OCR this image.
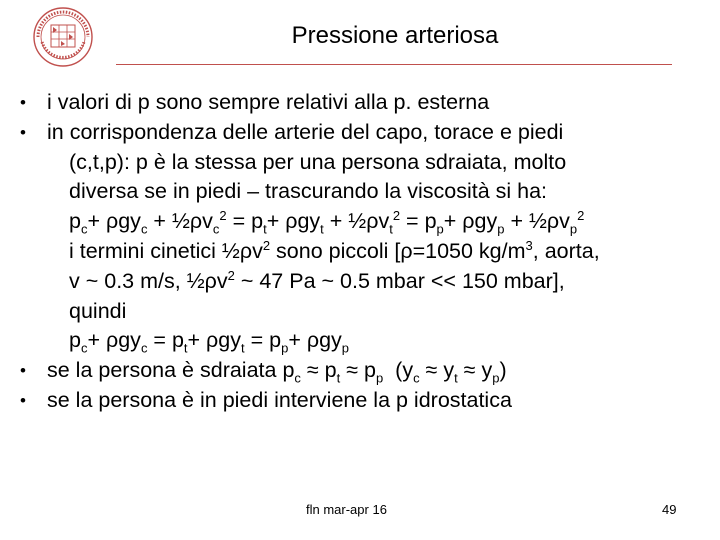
Pressione arteriosa
• i valori di p sono sempre relativi alla p. esterna
• in corrispondenza delle arterie del capo, torace e piedi
(c,t,p): p è la stessa per una persona sdraiata, molto
diversa se in piedi – trascurando la viscosità si ha:
$p_c+ \rho gy_c$ + $\frac{1}{2}\rho v_c^2 = p_t+ \rho gy_t$ + $\frac{1}{2}\rho v_t^2 = p_p+ \rho gy_p$ + $\frac{1}{2}\rho v_p^2$
i termini cinetici $\frac{1}{2}\rho v^2$ sono piccoli [ρ=1050 $kg/m^3$, aorta,
v ~ 0.3 m/s, $\frac{1}{2}\rho v^2$ ~ 47 Pa ~ 0.5 mbar << 150 mbar],
quindi
$p_c+ \rho gy_c = p_t+ \rho gy_t = p_p+ \rho gy_p$
• se la persona è sdraiata $p_c \approx p_t \approx p_p$  $(y_c \approx y_t \approx y_p)$
• se la persona è in piedi interviene la p idrostatica
fln mar-apr 16	49
